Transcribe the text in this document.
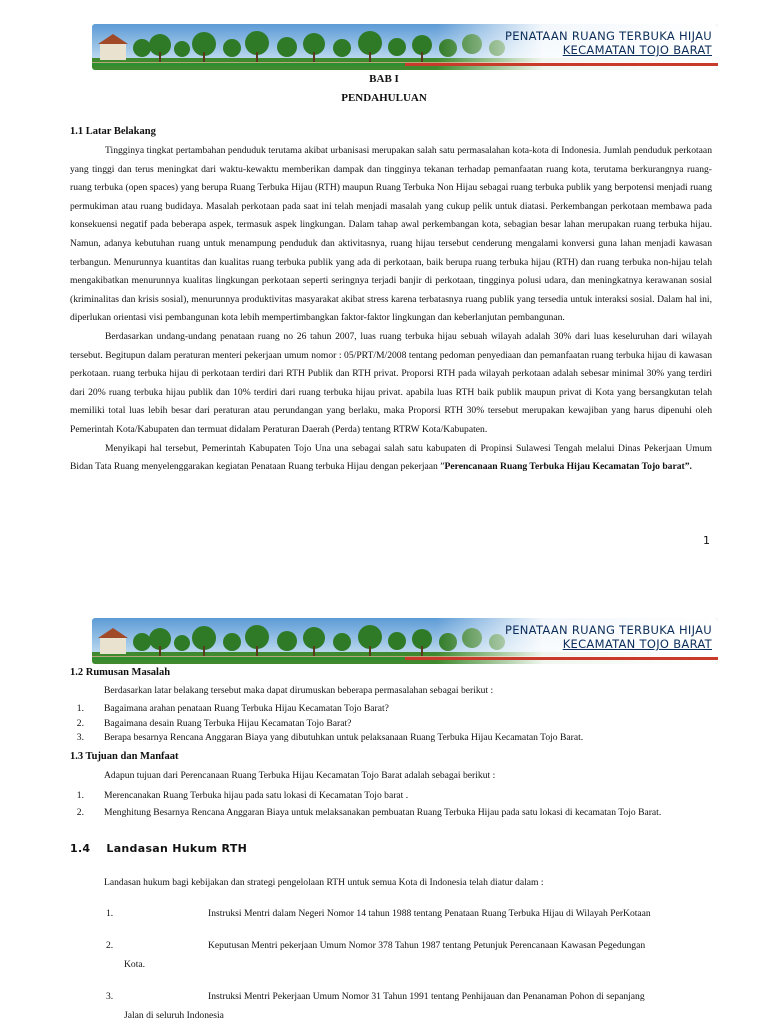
PENATAAN RUANG TERBUKA HIJAU
KECAMATAN TOJO BARAT
BAB I
PENDAHULUAN
1.1 Latar Belakang

Tingginya tingkat pertambahan penduduk terutama akibat urbanisasi merupakan salah satu permasalahan kota-kota di Indonesia. Jumlah penduduk perkotaan yang tinggi dan terus meningkat dari waktu-kewaktu memberikan dampak dan tingginya tekanan terhadap pemanfaatan ruang kota, terutama berkurangnya ruang-ruang terbuka (open spaces) yang berupa Ruang Terbuka Hijau (RTH) maupun Ruang Terbuka Non Hijau sebagai ruang terbuka publik yang berpotensi menjadi ruang permukiman atau ruang budidaya. Masalah perkotaan pada saat ini telah menjadi masalah yang cukup pelik untuk diatasi. Perkembangan perkotaan membawa pada konsekuensi negatif pada beberapa aspek, termasuk aspek lingkungan. Dalam tahap awal perkembangan kota, sebagian besar lahan merupakan ruang terbuka hijau. Namun, adanya kebutuhan ruang untuk menampung penduduk dan aktivitasnya, ruang hijau tersebut cenderung mengalami konversi guna lahan menjadi kawasan terbangun. Menurunnya kuantitas dan kualitas ruang terbuka publik yang ada di perkotaan, baik berupa ruang terbuka hijau (RTH) dan ruang terbuka non-hijau telah mengakibatkan menurunnya kualitas lingkungan perkotaan seperti seringnya terjadi banjir di perkotaan, tingginya polusi udara, dan meningkatnya kerawanan sosial (kriminalitas dan krisis sosial), menurunnya produktivitas masyarakat akibat stress karena terbatasnya ruang publik yang tersedia untuk interaksi sosial. Dalam hal ini, diperlukan orientasi visi pembangunan kota lebih mempertimbangkan faktor-faktor lingkungan dan keberlanjutan pembangunan.

Berdasarkan undang-undang penataan ruang no 26 tahun 2007, luas ruang terbuka hijau sebuah wilayah adalah 30% dari luas keseluruhan dari wilayah tersebut. Begitupun dalam peraturan menteri pekerjaan umum nomor : 05/PRT/M/2008 tentang pedoman penyediaan dan pemanfaatan ruang terbuka hijau di kawasan perkotaan. ruang terbuka hijau di perkotaan terdiri dari RTH Publik dan RTH privat. Proporsi RTH pada wilayah perkotaan adalah sebesar minimal 30% yang terdiri dari 20% ruang terbuka hijau publik dan 10% terdiri dari ruang terbuka hijau privat. apabila luas RTH baik publik maupun privat di Kota yang bersangkutan telah memiliki total luas lebih besar dari peraturan atau perundangan yang berlaku, maka Proporsi RTH 30% tersebut merupakan kewajiban yang harus dipenuhi oleh Pemerintah Kota/Kabupaten dan termuat didalam Peraturan Daerah (Perda) tentang RTRW Kota/Kabupaten.

Menyikapi hal tersebut, Pemerintah Kabupaten Tojo Una una sebagai salah satu kabupaten di Propinsi Sulawesi Tengah melalui Dinas Pekerjaan Umum Bidan Tata Ruang menyelenggarakan kegiatan Penataan Ruang terbuka Hijau dengan pekerjaan ”Perencanaan Ruang Terbuka Hijau Kecamatan Tojo barat”.

1
PENATAAN RUANG TERBUKA HIJAU
KECAMATAN TOJO BARAT
1.2 Rumusan Masalah
Berdasarkan latar belakang tersebut maka dapat dirumuskan beberapa permasalahan sebagai berikut :
1. Bagaimana arahan penataan Ruang Terbuka Hijau Kecamatan Tojo Barat?
2. Bagaimana desain Ruang Terbuka Hijau Kecamatan Tojo Barat?
3. Berapa besarnya Rencana Anggaran Biaya yang dibutuhkan untuk pelaksanaan Ruang Terbuka Hijau Kecamatan Tojo Barat.
1.3 Tujuan dan Manfaat
Adapun tujuan dari Perencanaan Ruang Terbuka Hijau Kecamatan Tojo Barat adalah sebagai berikut :
1. Merencanakan Ruang Terbuka hijau pada satu lokasi di Kecamatan Tojo barat .
2. Menghitung Besarnya Rencana Anggaran Biaya untuk melaksanakan pembuatan Ruang Terbuka Hijau pada satu lokasi di kecamatan Tojo Barat.
1.4 Landasan Hukum RTH
Landasan hukum bagi kebijakan dan strategi pengelolaan RTH untuk semua Kota di Indonesia telah diatur dalam :
1.	Instruksi Mentri dalam Negeri Nomor 14 tahun 1988 tentang Penataan Ruang Terbuka Hijau di Wilayah PerKotaan
2.	Keputusan Mentri pekerjaan Umum Nomor 378 Tahun 1987 tentang Petunjuk Perencanaan Kawasan Pegedungan
Kota.
3.	Instruksi Mentri Pekerjaan Umum Nomor 31 Tahun 1991 tentang Penhijauan dan Penanaman Pohon di sepanjang
Jalan di seluruh Indonesia
